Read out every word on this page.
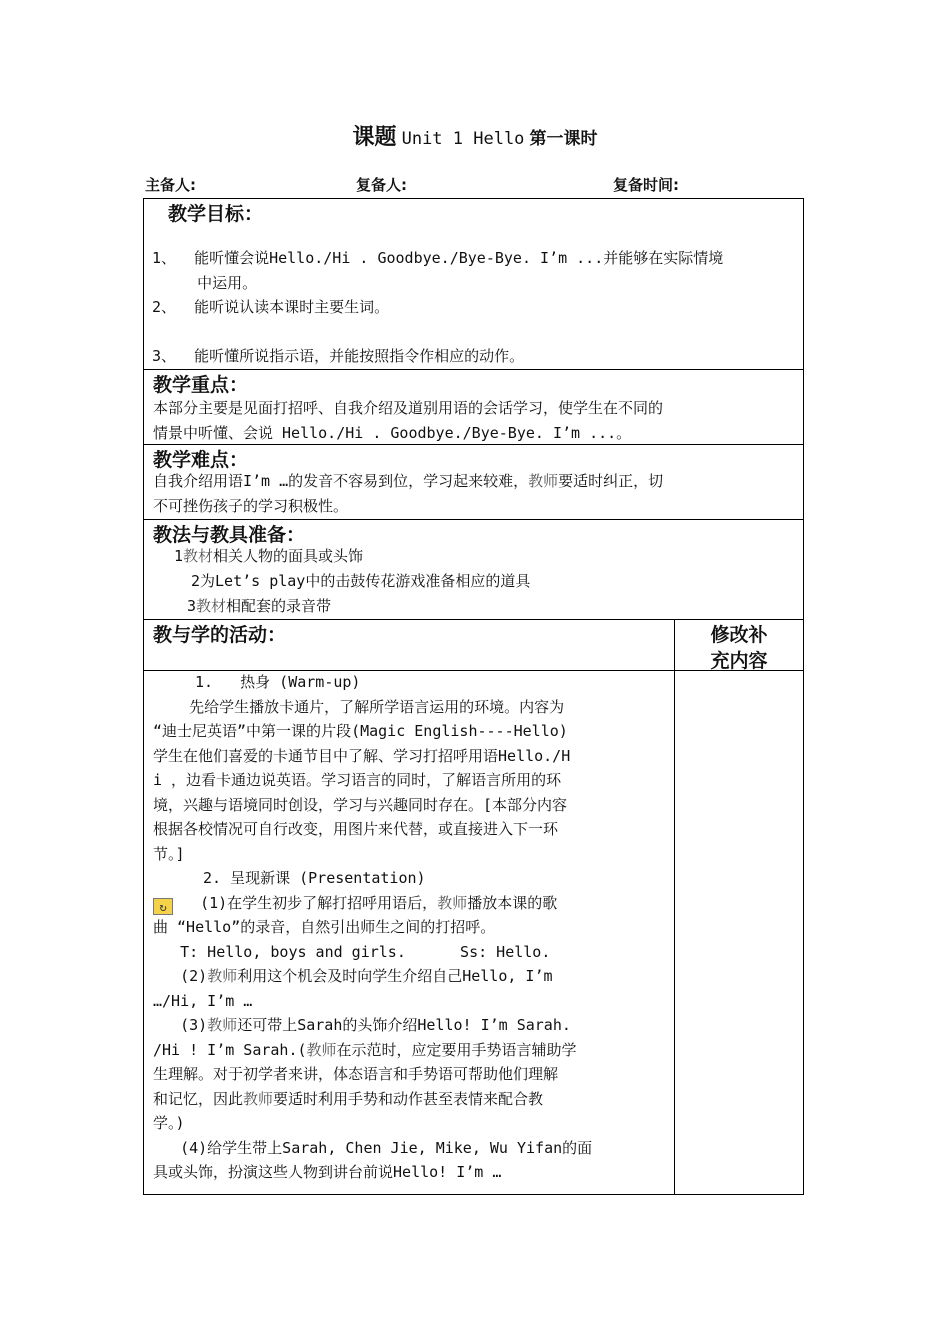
课题 Unit 1 Hello 第一课时
主备人:	复备人:	复备时间:
教学目标：
1、  能听懂会说Hello./Hi . Goodbye./Bye-Bye. I’m ...并能够在实际情境
中运用。
2、  能听说认读本课时主要生词。
3、  能听懂所说指示语，并能按照指令作相应的动作。
教学重点：
本部分主要是见面打招呼、自我介绍及道别用语的会话学习，使学生在不同的
情景中听懂、会说 Hello./Hi . Goodbye./Bye-Bye. I’m ...。
教学难点：
自我介绍用语I’m …的发音不容易到位，学习起来较难，教师要适时纠正，切
不可挫伤孩子的学习积极性。
教法与教具准备：
1教材相关人物的面具或头饰
2为Let’s play中的击鼓传花游戏准备相应的道具
3教材相配套的录音带
教与学的活动：	修改补
充内容
1.   热身 (Warm-up)
先给学生播放卡通片，了解所学语言运用的环境。内容为
“迪士尼英语”中第一课的片段(Magic English----Hello)
学生在他们喜爱的卡通节目中了解、学习打招呼用语Hello./H
i ，边看卡通边说英语。学习语言的同时，了解语言所用的环
境，兴趣与语境同时创设，学习与兴趣同时存在。[本部分内容
根据各校情况可自行改变，用图片来代替，或直接进入下一环
节。]
2. 呈现新课 (Presentation)
↻   (1)在学生初步了解打招呼用语后，教师播放本课的歌
曲 “Hello”的录音，自然引出师生之间的打招呼。
T: Hello, boys and girls.      Ss: Hello.
(2)教师利用这个机会及时向学生介绍自己Hello, I’m
…/Hi, I’m …
(3)教师还可带上Sarah的头饰介绍Hello! I’m Sarah.
/Hi ! I’m Sarah.(教师在示范时，应定要用手势语言辅助学
生理解。对于初学者来讲，体态语言和手势语可帮助他们理解
和记忆，因此教师要适时利用手势和动作甚至表情来配合教
学。)
(4)给学生带上Sarah, Chen Jie, Mike, Wu Yifan的面
具或头饰，扮演这些人物到讲台前说Hello! I’m …
